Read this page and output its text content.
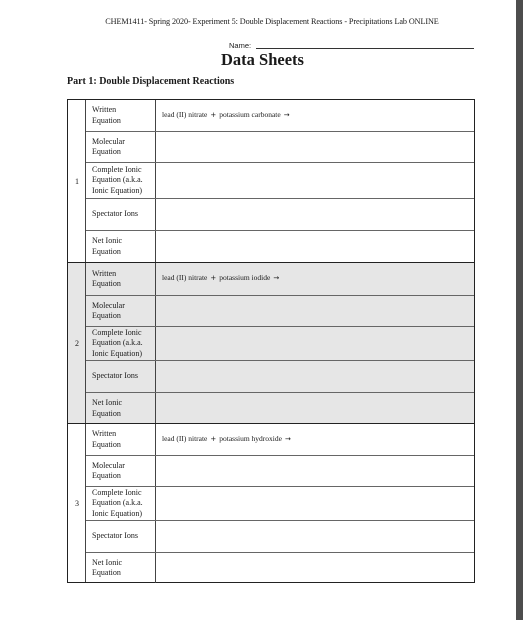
CHEM1411- Spring 2020- Experiment 5: Double Displacement Reactions - Precipitations Lab ONLINE
Name:
Data Sheets
Part 1: Double Displacement Reactions
1
Written
Equation
lead (II) nitrate + potassium carbonate →
Molecular
Equation
Complete Ionic
Equation (a.k.a.
Ionic Equation)
Spectator Ions
Net Ionic
Equation
2
Written
Equation
lead (II) nitrate + potassium iodide →
Molecular
Equation
Complete Ionic
Equation (a.k.a.
Ionic Equation)
Spectator Ions
Net Ionic
Equation
3
Written
Equation
lead (II) nitrate + potassium hydroxide →
Molecular
Equation
Complete Ionic
Equation (a.k.a.
Ionic Equation)
Spectator Ions
Net Ionic
Equation
